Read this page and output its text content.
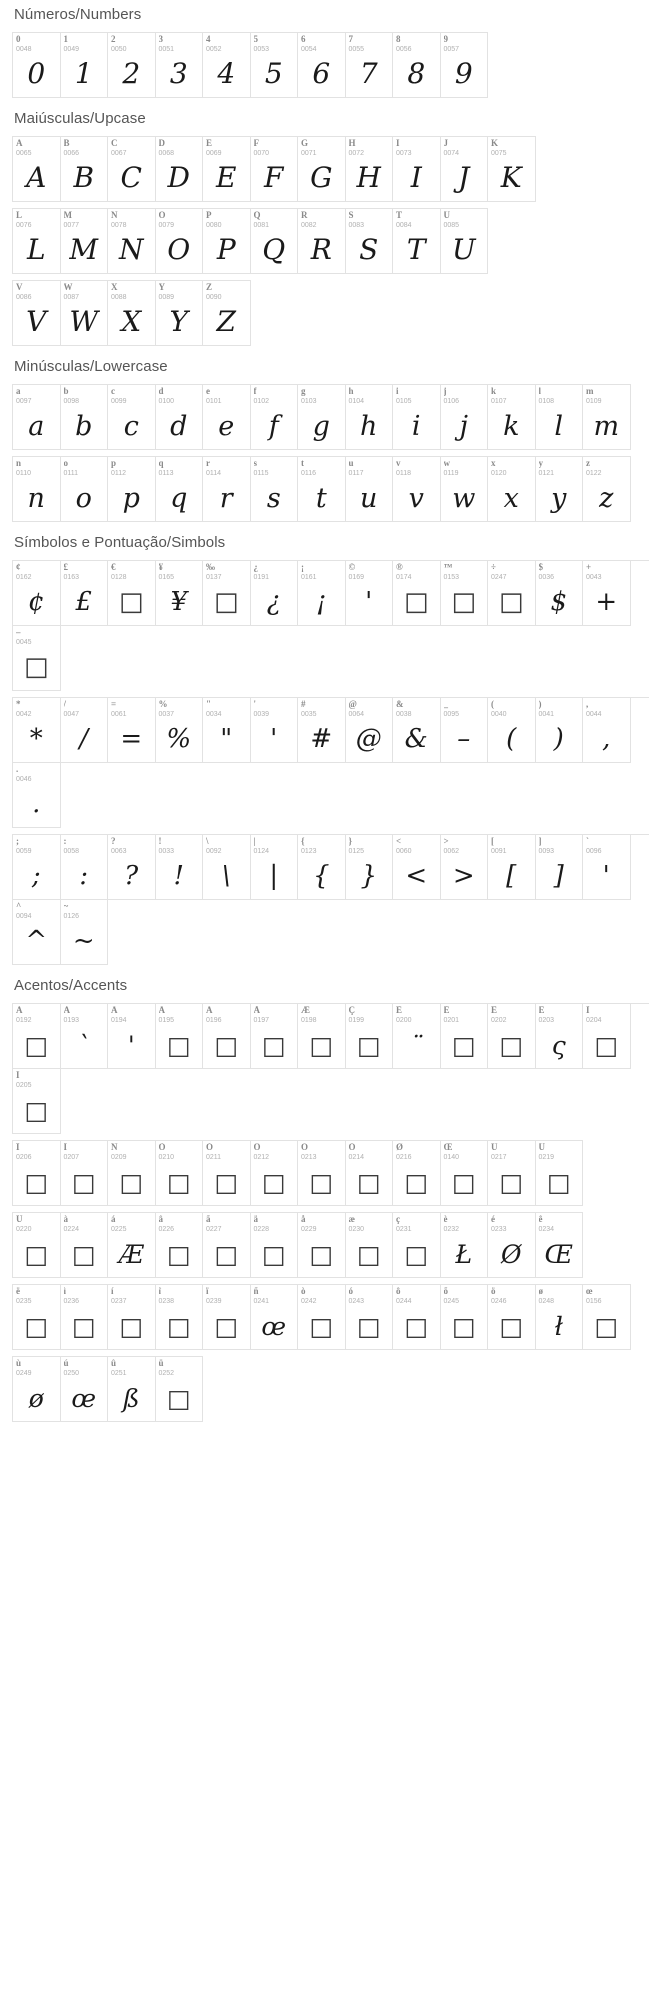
Números/Numbers
0
0048
0
1
0049
1
2
0050
2
3
0051
3
4
0052
4
5
0053
5
6
0054
6
7
0055
7
8
0056
8
9
0057
9
Maiúsculas/Upcase
A
0065
A
B
0066
B
C
0067
C
D
0068
D
E
0069
E
F
0070
F
G
0071
G
H
0072
H
I
0073
I
J
0074
J
K
0075
K
L
0076
L
M
0077
M
N
0078
N
O
0079
O
P
0080
P
Q
0081
Q
R
0082
R
S
0083
S
T
0084
T
U
0085
U
V
0086
V
W
0087
W
X
0088
X
Y
0089
Y
Z
0090
Z
Minúsculas/Lowercase
a
0097
a
b
0098
b
c
0099
c
d
0100
d
e
0101
e
f
0102
f
g
0103
g
h
0104
h
i
0105
i
j
0106
j
k
0107
k
l
0108
l
m
0109
m
n
0110
n
o
0111
o
p
0112
p
q
0113
q
r
0114
r
s
0115
s
t
0116
t
u
0117
u
v
0118
v
w
0119
w
x
0120
x
y
0121
y
z
0122
z
Símbolos e Pontuação/Simbols
¢
0162
¢
£
0163
£
€
0128
□
¥
0165
¥
‰
0137
□
¿
0191
¿
¡
0161
¡
©
0169
'
®
0174
□
™
0153
□
÷
0247
□
$
0036
$
+
0043
+
–
0045
□
*
0042
*
/
0047
/
=
0061
=
%
0037
%
"
0034
"
'
0039
'
#
0035
#
@
0064
@
&
0038
&
_
0095
–
(
0040
(
)
0041
)
,
0044
,
.
0046
.
;
0059
;
:
0058
:
?
0063
?
!
0033
!
\
0092
\
|
0124
|
{
0123
{
}
0125
}
<
0060
<
>
0062
>
[
0091
[
]
0093
]
`
0096
'
^
0094
^
~
0126
~
Acentos/Accents
À
0192
□
Á
0193
`
Â
0194
'
Ã
0195
□
Ä
0196
□
Å
0197
□
Æ
0198
□
Ç
0199
□
È
0200
¨
É
0201
□
Ê
0202
□
Ë
0203
ς
Ì
0204
□
Í
0205
□
Î
0206
□
Ï
0207
□
Ñ
0209
□
Ò
0210
□
Ó
0211
□
Ô
0212
□
Õ
0213
□
Ö
0214
□
Ø
0216
□
Œ
0140
□
Ú
0217
□
Û
0219
□
Ü
0220
□
à
0224
□
á
0225
Æ
â
0226
□
ã
0227
□
ä
0228
□
å
0229
□
æ
0230
□
ç
0231
□
è
0232
Ł
é
0233
Ø
ê
0234
Œ
ë
0235
□
ì
0236
□
í
0237
□
î
0238
□
ï
0239
□
ñ
0241
œ
ò
0242
□
ó
0243
□
ô
0244
□
õ
0245
□
ö
0246
□
ø
0248
ł
œ
0156
□
ù
0249
ø
ú
0250
œ
û
0251
ß
ü
0252
□
